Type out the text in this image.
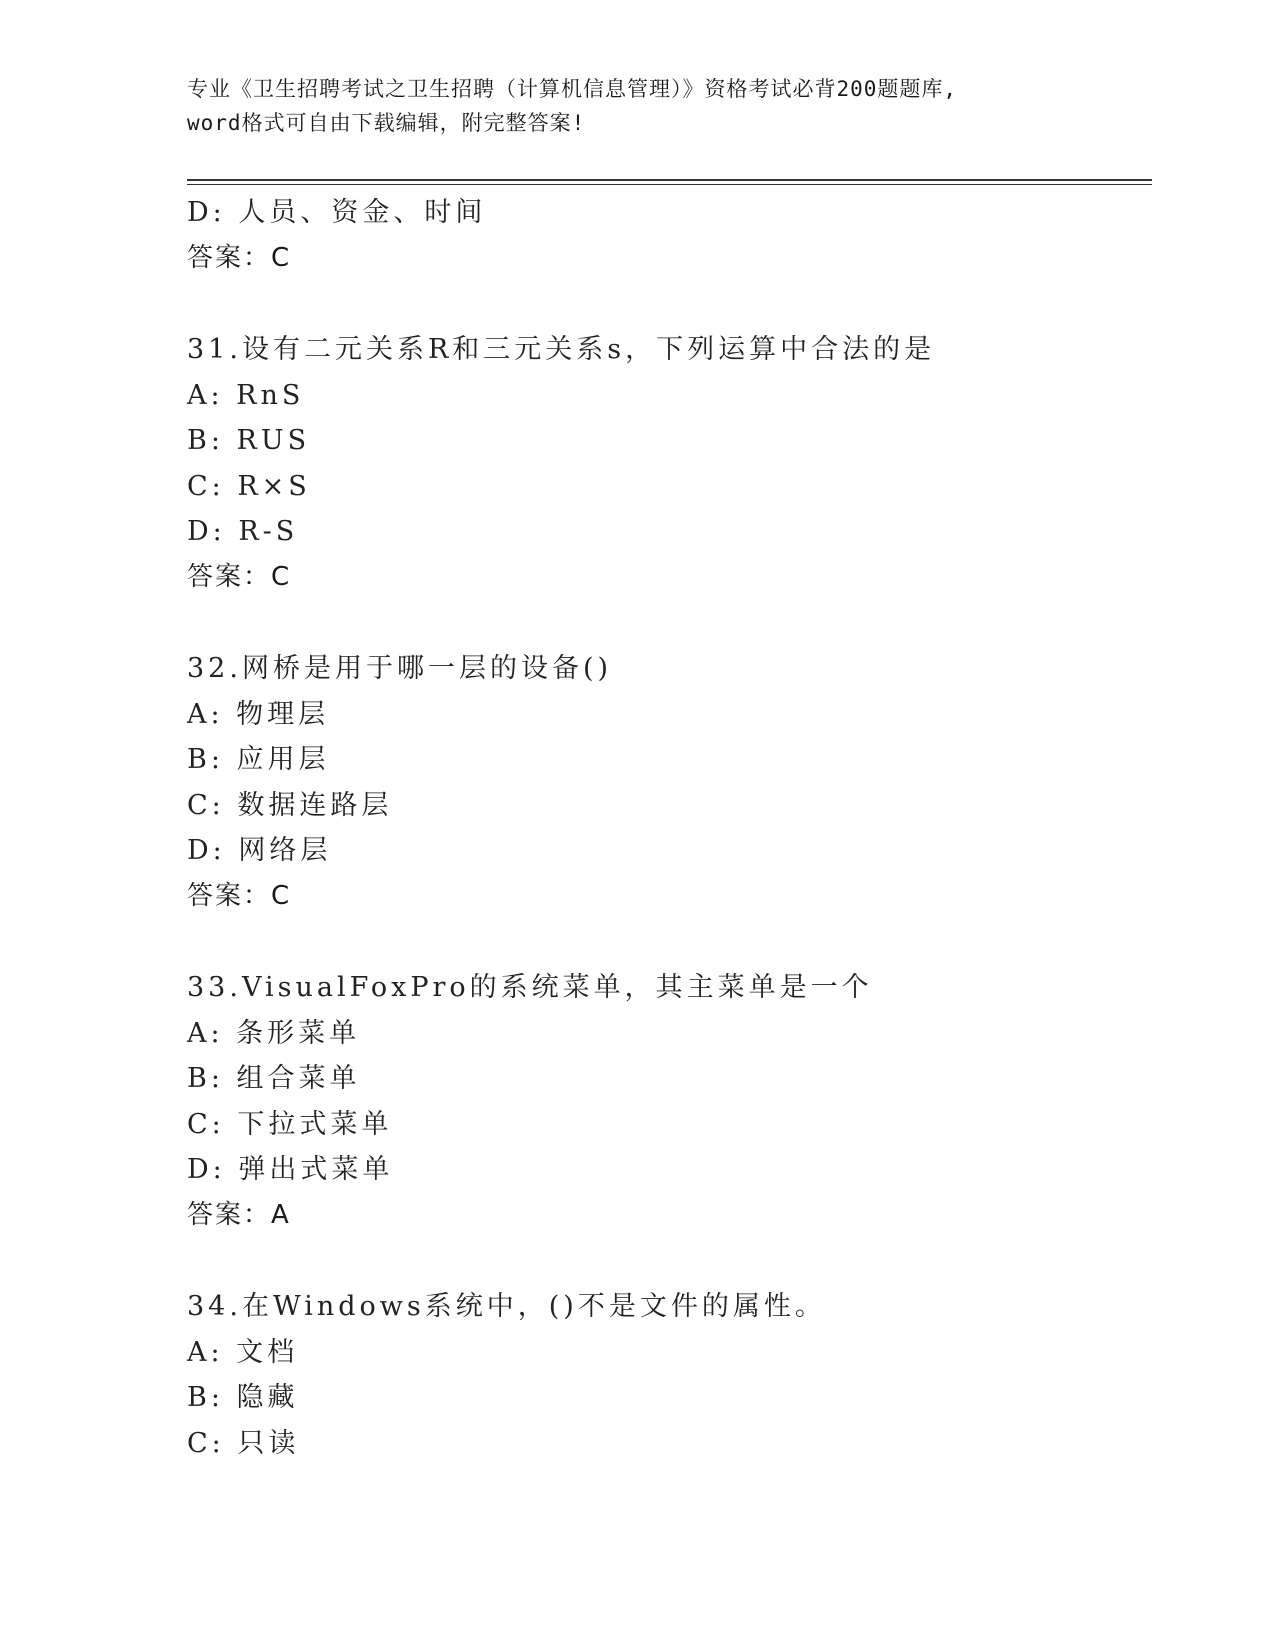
专业《卫生招聘考试之卫生招聘（计算机信息管理）》资格考试必背200题题库,
word格式可自由下载编辑，附完整答案!
D: 人员、资金、时间
答案：C
31.设有二元关系R和三元关系s，下列运算中合法的是
A: RnS
B: RUS
C: R×S
D: R-S
答案：C
32.网桥是用于哪一层的设备()
A: 物理层
B: 应用层
C: 数据连路层
D: 网络层
答案：C
33.VisualFoxPro的系统菜单，其主菜单是一个
A: 条形菜单
B: 组合菜单
C: 下拉式菜单
D: 弹出式菜单
答案：A
34.在Windows系统中，()不是文件的属性。
A: 文档
B: 隐藏
C: 只读
